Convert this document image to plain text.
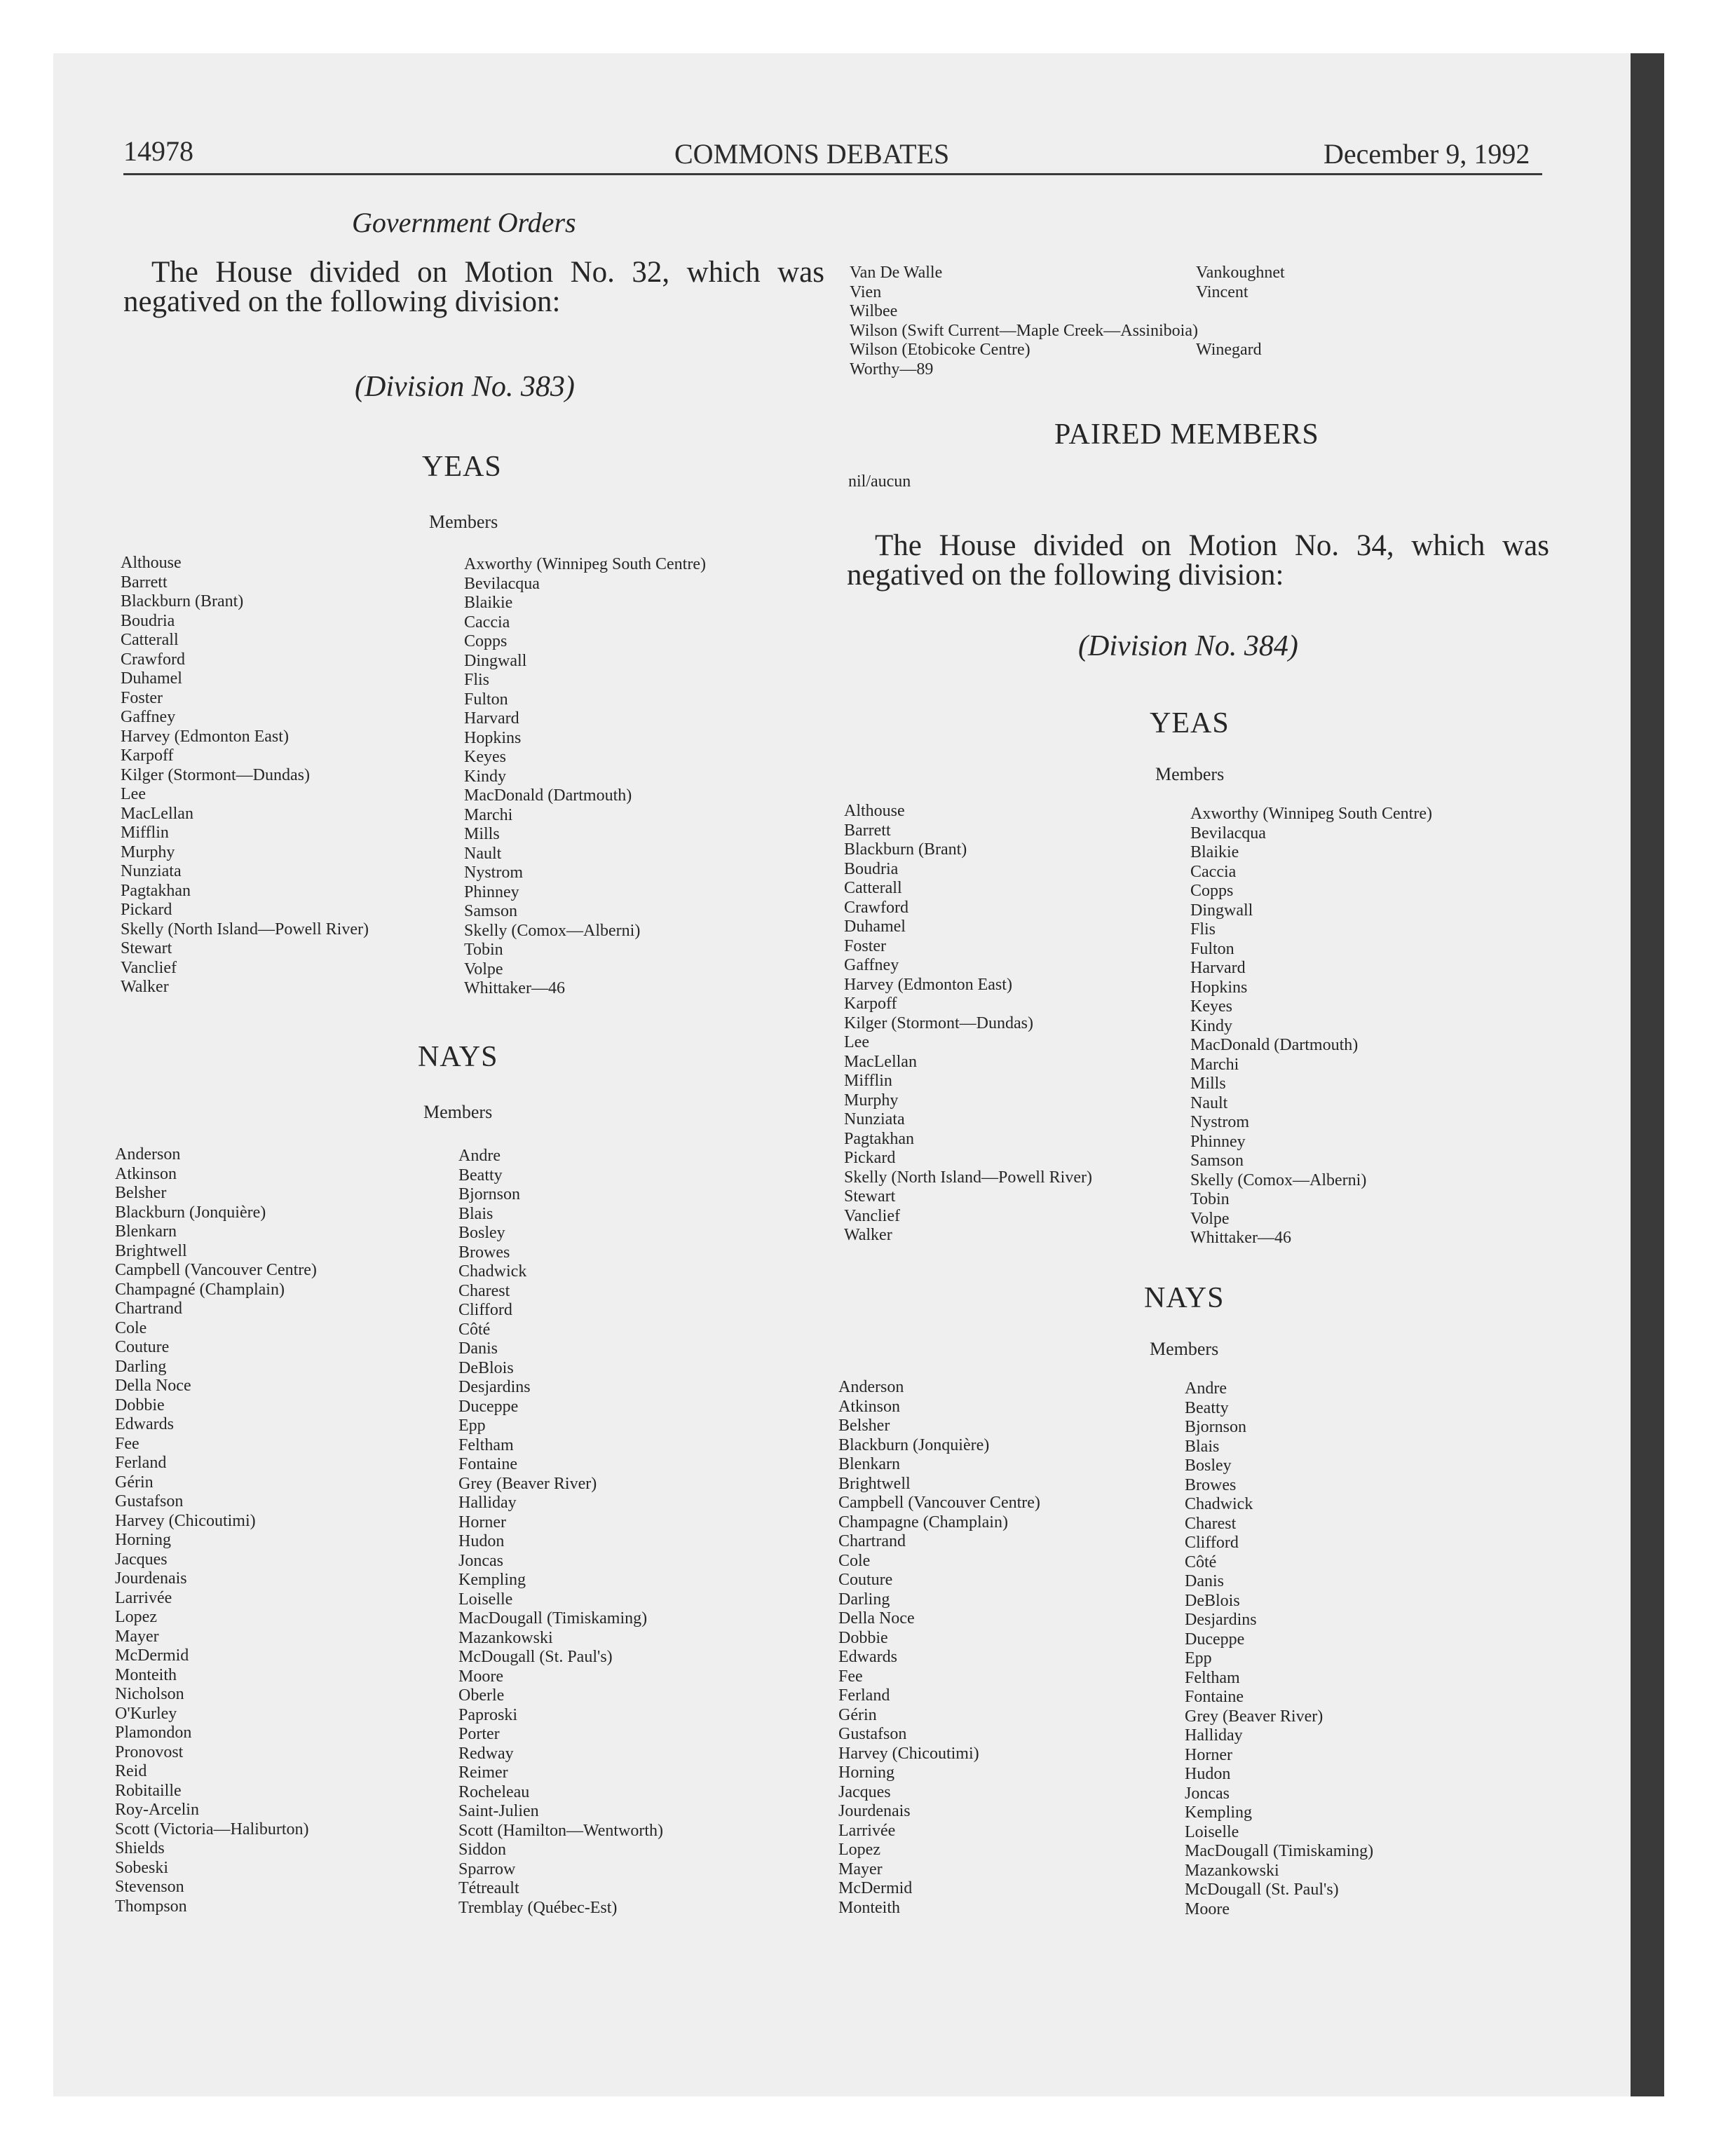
14978	COMMONS DEBATES	December 9, 1992
Government Orders
The House divided on Motion No. 32, which was negatived on the following division:
(Division No. 383)
YEAS
Members
Althouse
Barrett
Blackburn (Brant)
Boudria
Catterall
Crawford
Duhamel
Foster
Gaffney
Harvey (Edmonton East)
Karpoff
Kilger (Stormont—Dundas)
Lee
MacLellan
Mifflin
Murphy
Nunziata
Pagtakhan
Pickard
Skelly (North Island—Powell River)
Stewart
Vanclief
Walker
Axworthy (Winnipeg South Centre)
Bevilacqua
Blaikie
Caccia
Copps
Dingwall
Flis
Fulton
Harvard
Hopkins
Keyes
Kindy
MacDonald (Dartmouth)
Marchi
Mills
Nault
Nystrom
Phinney
Samson
Skelly (Comox—Alberni)
Tobin
Volpe
Whittaker—46
NAYS
Members
Anderson
Atkinson
Belsher
Blackburn (Jonquière)
Blenkarn
Brightwell
Campbell (Vancouver Centre)
Champagné (Champlain)
Chartrand
Cole
Couture
Darling
Della Noce
Dobbie
Edwards
Fee
Ferland
Gérin
Gustafson
Harvey (Chicoutimi)
Horning
Jacques
Jourdenais
Larrivée
Lopez
Mayer
McDermid
Monteith
Nicholson
O'Kurley
Plamondon
Pronovost
Reid
Robitaille
Roy-Arcelin
Scott (Victoria—Haliburton)
Shields
Sobeski
Stevenson
Thompson
Andre
Beatty
Bjornson
Blais
Bosley
Browes
Chadwick
Charest
Clifford
Côté
Danis
DeBlois
Desjardins
Duceppe
Epp
Feltham
Fontaine
Grey (Beaver River)
Halliday
Horner
Hudon
Joncas
Kempling
Loiselle
MacDougall (Timiskaming)
Mazankowski
McDougall (St. Paul's)
Moore
Oberle
Paproski
Porter
Redway
Reimer
Rocheleau
Saint-Julien
Scott (Hamilton—Wentworth)
Siddon
Sparrow
Tétreault
Tremblay (Québec-Est)
Van De Walle
Vien
Wilbee
Wilson (Swift Current—Maple Creek—Assiniboia)
Wilson (Etobicoke Centre)
Worthy—89
Vankoughnet
Vincent
Winegard
PAIRED MEMBERS
nil/aucun
The House divided on Motion No. 34, which was negatived on the following division:
(Division No. 384)
YEAS
Members
Althouse
Barrett
Blackburn (Brant)
Boudria
Catterall
Crawford
Duhamel
Foster
Gaffney
Harvey (Edmonton East)
Karpoff
Kilger (Stormont—Dundas)
Lee
MacLellan
Mifflin
Murphy
Nunziata
Pagtakhan
Pickard
Skelly (North Island—Powell River)
Stewart
Vanclief
Walker
Axworthy (Winnipeg South Centre)
Bevilacqua
Blaikie
Caccia
Copps
Dingwall
Flis
Fulton
Harvard
Hopkins
Keyes
Kindy
MacDonald (Dartmouth)
Marchi
Mills
Nault
Nystrom
Phinney
Samson
Skelly (Comox—Alberni)
Tobin
Volpe
Whittaker—46
NAYS
Members
Anderson
Atkinson
Belsher
Blackburn (Jonquière)
Blenkarn
Brightwell
Campbell (Vancouver Centre)
Champagne (Champlain)
Chartrand
Cole
Couture
Darling
Della Noce
Dobbie
Edwards
Fee
Ferland
Gérin
Gustafson
Harvey (Chicoutimi)
Horning
Jacques
Jourdenais
Larrivée
Lopez
Mayer
McDermid
Monteith
Andre
Beatty
Bjornson
Blais
Bosley
Browes
Chadwick
Charest
Clifford
Côté
Danis
DeBlois
Desjardins
Duceppe
Epp
Feltham
Fontaine
Grey (Beaver River)
Halliday
Horner
Hudon
Joncas
Kempling
Loiselle
MacDougall (Timiskaming)
Mazankowski
McDougall (St. Paul's)
Moore
